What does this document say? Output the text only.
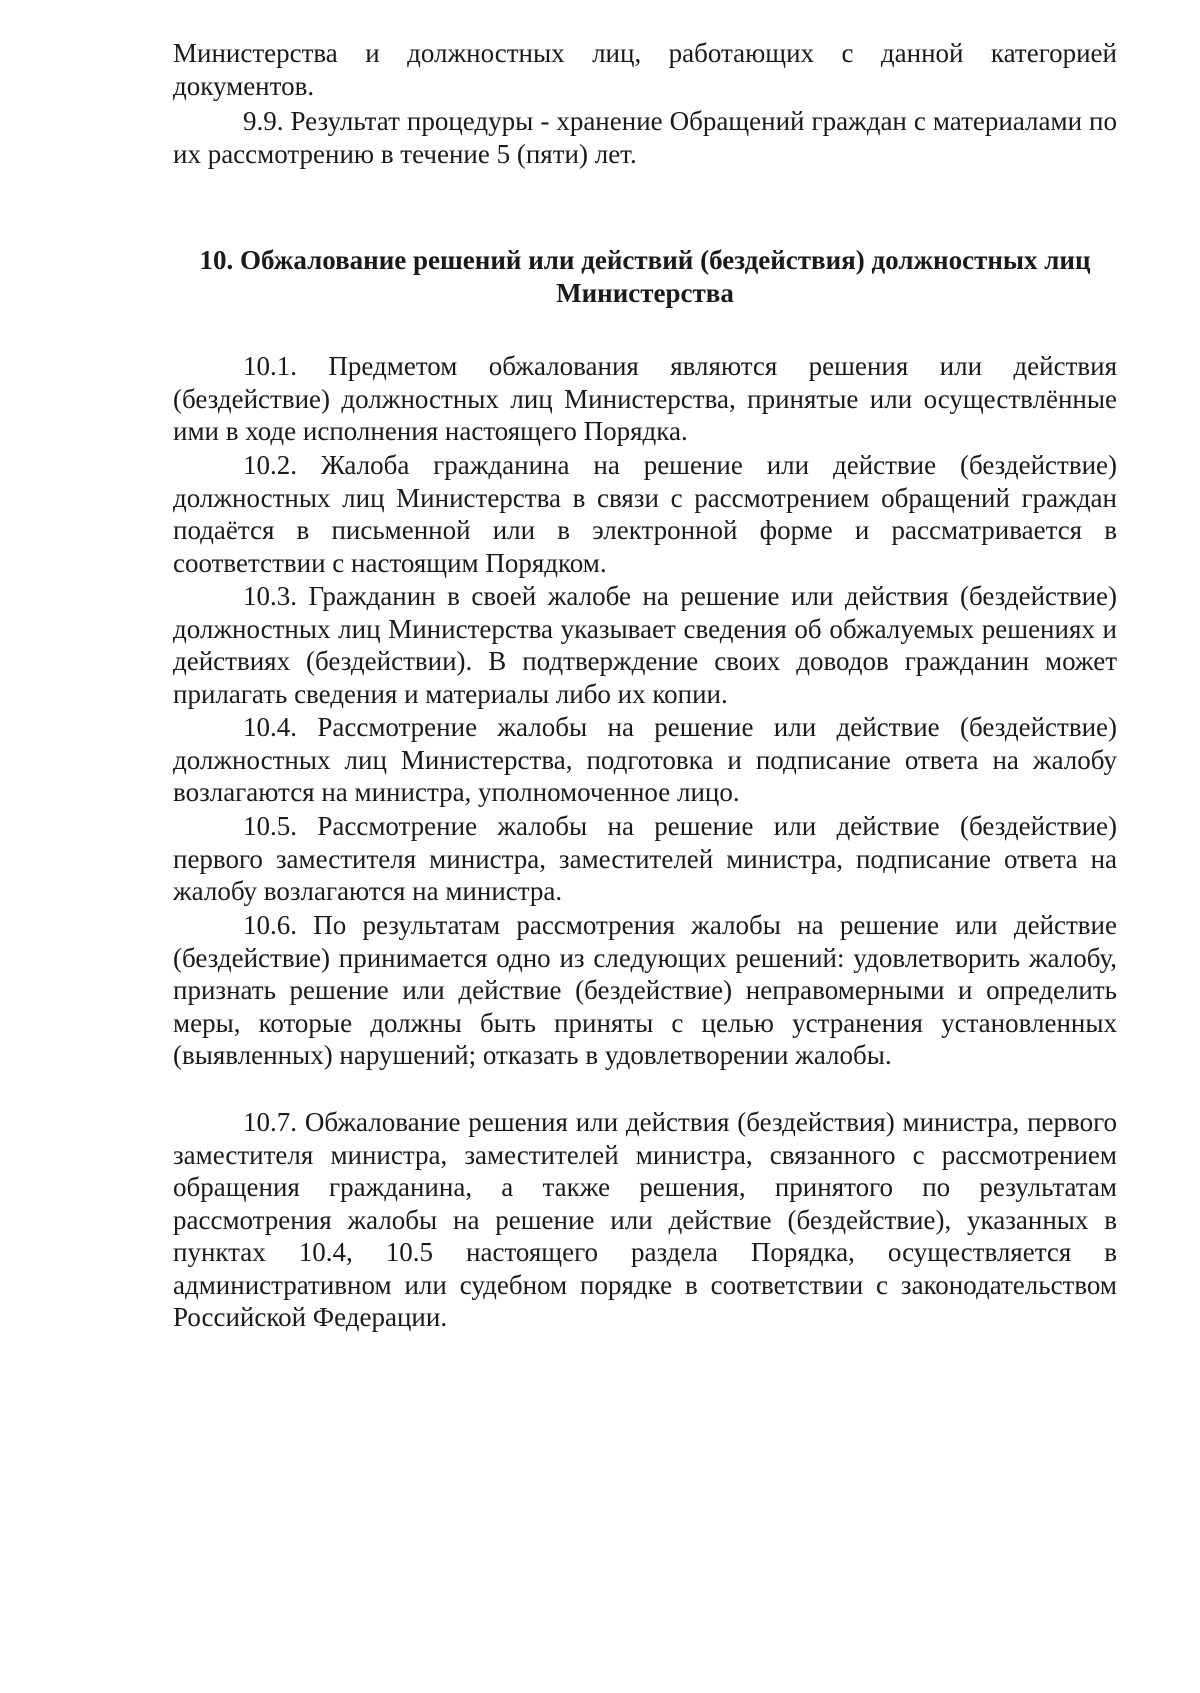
Министерства и должностных лиц, работающих с данной категорией документов.

9.9. Результат процедуры - хранение Обращений граждан с материалами по их рассмотрению в течение 5 (пяти) лет.

10. Обжалование решений или действий (бездействия) должностных лиц
Министерства

10.1. Предметом обжалования являются решения или действия (бездействие) должностных лиц Министерства, принятые или осуществлённые ими в ходе исполнения настоящего Порядка.

10.2. Жалоба гражданина на решение или действие (бездействие) должностных лиц Министерства в связи с рассмотрением обращений граждан подаётся в письменной или в электронной форме и рассматривается в соответствии с настоящим Порядком.

10.3. Гражданин в своей жалобе на решение или действия (бездействие) должностных лиц Министерства указывает сведения об обжалуемых решениях и действиях (бездействии). В подтверждение своих доводов гражданин может прилагать сведения и материалы либо их копии.

10.4. Рассмотрение жалобы на решение или действие (бездействие) должностных лиц Министерства, подготовка и подписание ответа на жалобу возлагаются на министра, уполномоченное лицо.

10.5. Рассмотрение жалобы на решение или действие (бездействие) первого заместителя министра, заместителей министра, подписание ответа на жалобу возлагаются на министра.

10.6. По результатам рассмотрения жалобы на решение или действие (бездействие) принимается одно из следующих решений: удовлетворить жалобу, признать решение или действие (бездействие) неправомерными и определить меры, которые должны быть приняты с целью устранения установленных (выявленных) нарушений; отказать в удовлетворении жалобы.

10.7. Обжалование решения или действия (бездействия) министра, первого заместителя министра, заместителей министра, связанного с рассмотрением обращения гражданина, а также решения, принятого по результатам рассмотрения жалобы на решение или действие (бездействие), указанных в пунктах 10.4, 10.5 настоящего раздела Порядка, осуществляется в административном или судебном порядке в соответствии с законодательством Российской Федерации.
